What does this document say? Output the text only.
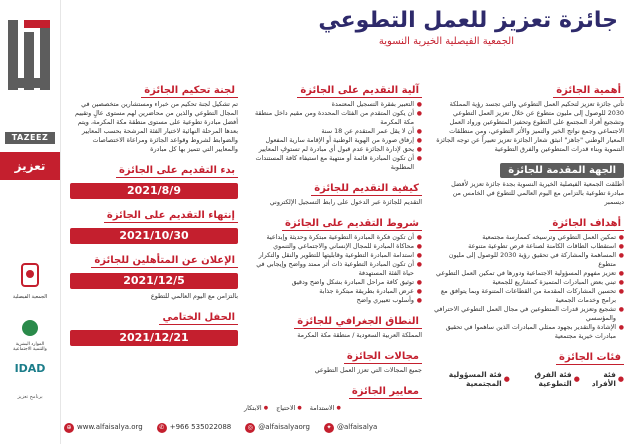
TAZEEZ
تعزيز
الجمعية الفيصلية
الموارد البشرية والتنمية الاجتماعية
IDAD
برنامج تعزيز
جائزة تعزيز للعمل التطوعي
الجمعية الفيصلية الخيرية النسوية
أهمية الجائزة
تأتي جائزة تعزيز لتحكيم العمل التطوعي والتي تجسد رؤية المملكة 2030 للوصول إلى مليون متطوع عن خلال تعزيز العمل التطوعي وتشجيع أفراد المجتمع على التطوع وتحفيز المتطوعين ورواد العمل الاجتماعي وجمع نواتج الخير والتميز والأثر التطوعي، ومن منطلقات المعيار الوطني "جاهز" انبثق شعار الجائزة تعزيز تعبيراً عن توجه الجائزة التنموية وبناء قدرات المتطوعين والفرق التطوعية
الجهة المقدمة للجائزة
أطلقت الجمعية الفيصلية الخيرية النسوية بجدة جائزة تعزيز لأفضل مبادرة تطوعية بالتزامن مع اليوم العالمي للتطوع في الخامس من ديسمبر
أهداف الجائزة
● تمكين العمل التطوعي وترسيخه كممارسة مجتمعية
● استقطاب الطاقات الكامنة لصناعة فرص تطوعية متنوعة
● المساهمة والمشاركة في تحقيق رؤية 2030 للوصول إلى مليون متطوع
● تعزيز مفهوم المسؤولية الاجتماعية ودورها في تمكين العمل التطوعي
● تبني بعض المبادرات المتميزة كمشاريع للجمعية
● تحسين المشاركات المقدمة من القطاعات المتنوعة وبما يتوافق مع برامج وخدمات الجمعية
● تشجيع وتعزيز قدرات المتطوعين في مجال العمل التطوعي الاحترافي والمؤسسي
● الإشادة والتقدير بجهود ممثلي المبادرات الذين ساهموا في تحقيق مبادرات خيرية مجتمعية
فئات الجائزة
● فئة الأفراد
● فئة الفرق التطوعية
● فئة المسؤولية المجتمعية
آلية التقديم على الجائزة
● التعبير بفقرة التسجيل المعتمدة
● أن يكون المتقدم من الفئات المحددة ومن مقيم داخل منطقة مكة المكرمة
● أن لا يقل عمر المتقدم عن 18 سنة
● إرفاق صورة من الهوية الوطنية أو الإقامة سارية المفعول
● يحق لإدارة الجائزة عدم قبول أي مبادرة لم تستوفِ المعايير
● أن تكون المبادرة قائمة أو منتهية مع استيفاء كافة المستندات المطلوبة
كيفية التقديم للجائزة
التقديم للجائزة عبر الدخول على رابط التسجيل الإلكتروني
شروط التقديم على الجائزة
● أن تكون فكرة المبادرة التطوعية مبتكرة وحديثة وإبداعية
● محاكاة المبادرة للمجال الإنساني والاجتماعي والتنموي
● استدامة المبادرة التطوعية وقابليتها للتطوير والنقل والتكرار
● أن تكون المبادرة التطوعية ذات أثر ممتد وواضح وإيجابي في حياة الفئة المستهدفة
● توثيق كافة مراحل المبادرة بشكل واضح ودقيق
● عرض المبادرة بطريقة مبتكرة جذابة
● وأسلوب تعبيري واضح
النطاق الجغرافي للجائزة
المملكة العربية السعودية / منطقة مكة المكرمة
مجالات الجائزة
جميع المجالات التي تعزز العمل التطوعي
معايير الجائزة
● الاستدامة
● الاحتياج
● الابتكار
لجنة تحكيم الجائزة
تم تشكيل لجنة تحكيم من خبراء ومستشارين متخصصين في المجال التطوعي والذين من محاضرين لهم مستوى عالٍ وتقييم أفضل مبادرة تطوعية على مستوى منطقة مكة المكرمة، ويتم بعدها المرحلة النهائية لاختيار الفئة المرشحة بحسب المعايير والضوابط لشروط وقواعد الجائزة ومراعاة الاختصاصات والمعايير التي تتميز بها كل مبادرة
بدء التقديم على الجائزة
2021/8/9
إنتهاء التقديم على الجائزة
2021/10/30
الإعلان عن المتأهلين للجائزة
2021/12/5
بالتزامن مع اليوم العالمي للتطوع
الحفل الختامي
2021/12/21
⊕ www.alfaisalya.org	✆ +966 535022088	◎ @alfaisalyaorg	✦ @alfaisalya
